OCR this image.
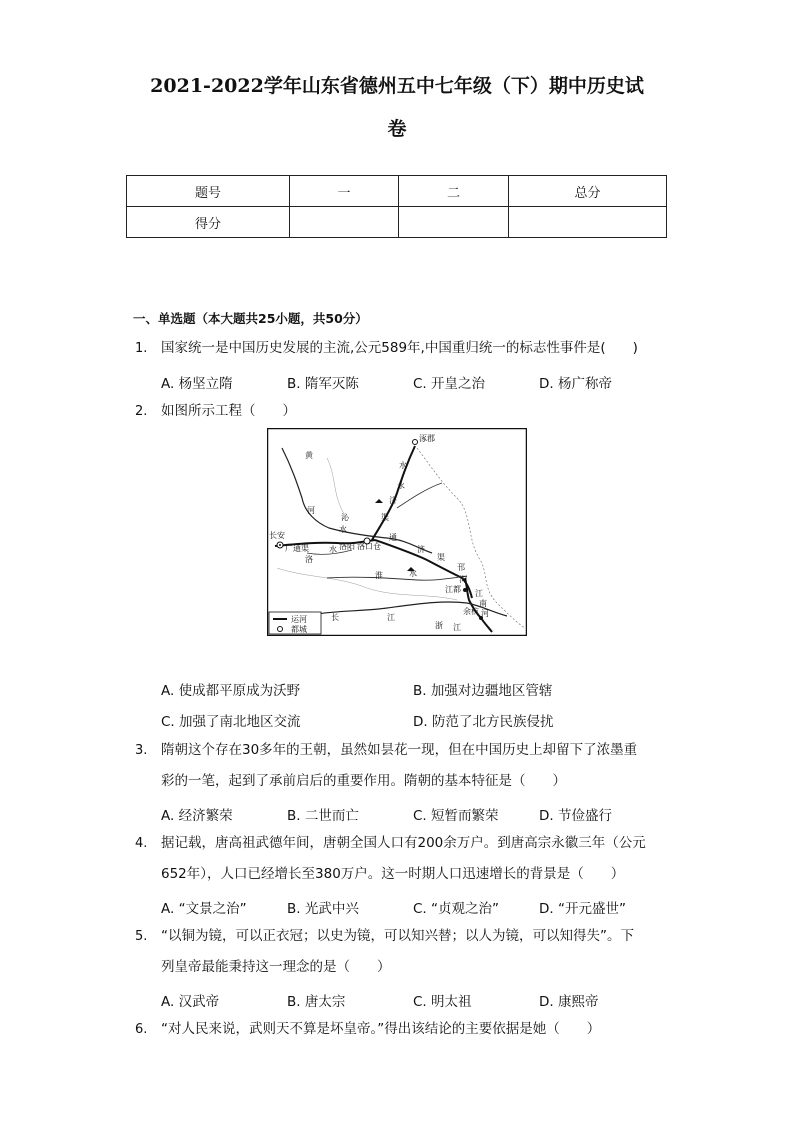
2021-2022学年山东省德州五中七年级（下）期中历史试
卷
题号	一	二	总分
得分			
一、单选题（本大题共25小题，共50分）
1. 国家统一是中国历史发展的主流,公元589年,中国重归统一的标志性事件是(　　)
A. 杨坚立隋	B. 隋军灭陈	C. 开皇之治	D. 杨广称帝
2. 如图所示工程（　　）
涿郡
黄
河
水
永
济
渠
沁
水
长安
广通渠
洛
水 洛阳 洛口仓
通
济
渠
淮	水
邗
沟
江都 江
南
河
余杭
长	江
浙 江
运河
都城
A. 使成都平原成为沃野	B. 加强对边疆地区管辖
C. 加强了南北地区交流	D. 防范了北方民族侵扰
3. 隋朝这个存在30多年的王朝，虽然如昙花一现，但在中国历史上却留下了浓墨重
彩的一笔，起到了承前启后的重要作用。隋朝的基本特征是（　　）
A. 经济繁荣	B. 二世而亡	C. 短暂而繁荣	D. 节俭盛行
4. 据记载，唐高祖武德年间，唐朝全国人口有200余万户。到唐高宗永徽三年（公元
652年），人口已经增长至380万户。这一时期人口迅速增长的背景是（　　）
A. “文景之治”	B. 光武中兴	C. “贞观之治”	D. “开元盛世”
5. “以铜为镜，可以正衣冠；以史为镜，可以知兴替；以人为镜，可以知得失”。下
列皇帝最能秉持这一理念的是（　　）
A. 汉武帝	B. 唐太宗	C. 明太祖	D. 康熙帝
6. “对人民来说，武则天不算是坏皇帝。”得出该结论的主要依据是她（　　）
